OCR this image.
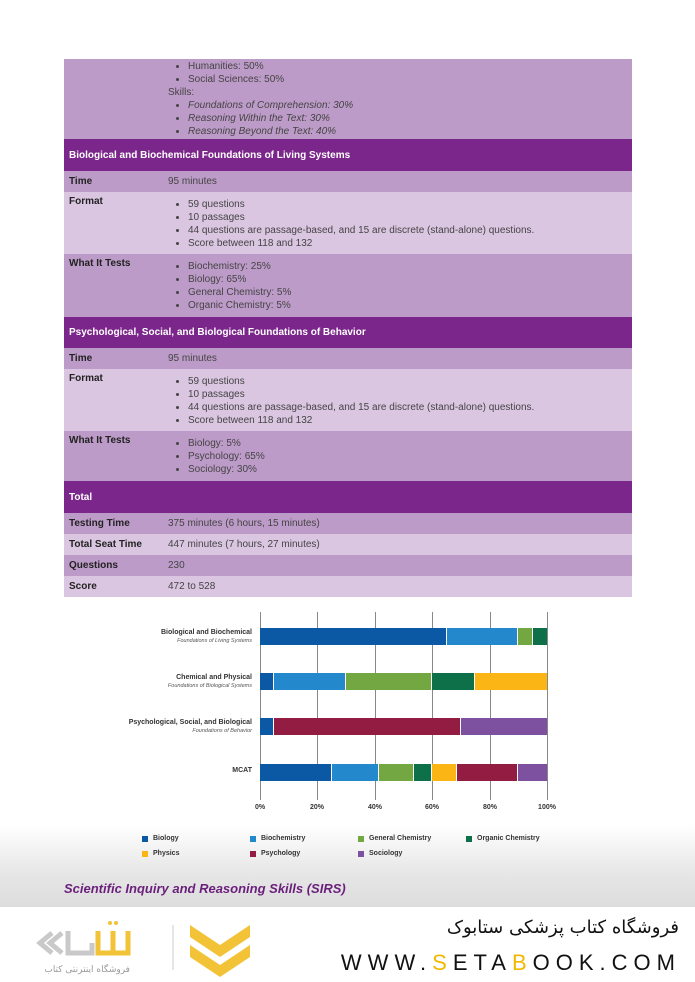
• Humanities: 50%
• Social Sciences: 50%
Skills:
• Foundations of Comprehension: 30%
• Reasoning Within the Text: 30%
• Reasoning Beyond the Text: 40%
Biological and Biochemical Foundations of Living Systems
Time	95 minutes
Format	• 59 questions
• 10 passages
• 44 questions are passage-based, and 15 are discrete (stand-alone) questions.
• Score between 118 and 132
What It Tests	• Biochemistry: 25%
• Biology: 65%
• General Chemistry: 5%
• Organic Chemistry: 5%
Psychological, Social, and Biological Foundations of Behavior
Time	95 minutes
Format	• 59 questions
• 10 passages
• 44 questions are passage-based, and 15 are discrete (stand-alone) questions.
• Score between 118 and 132
What It Tests	• Biology: 5%
• Psychology: 65%
• Sociology: 30%
Total
Testing Time	375 minutes (6 hours, 15 minutes)
Total Seat Time	447 minutes (7 hours, 27 minutes)
Questions	230
Score	472 to 528
Biological and Biochemical
Foundations of Living Systems
Chemical and Physical
Foundations of Biological Systems
Psychological, Social, and Biological
Foundations of Behavior
MCAT
0%	20%	40%	60%	80%	100%
Biology	Biochemistry	General Chemistry	Organic Chemistry
Physics	Psychology	Sociology
Scientific Inquiry and Reasoning Skills (SIRS)
فروشگاه اینترنتی کتاب
فروشگاه کتاب پزشکی ستابوک
WWW.SETABOOK.COM
